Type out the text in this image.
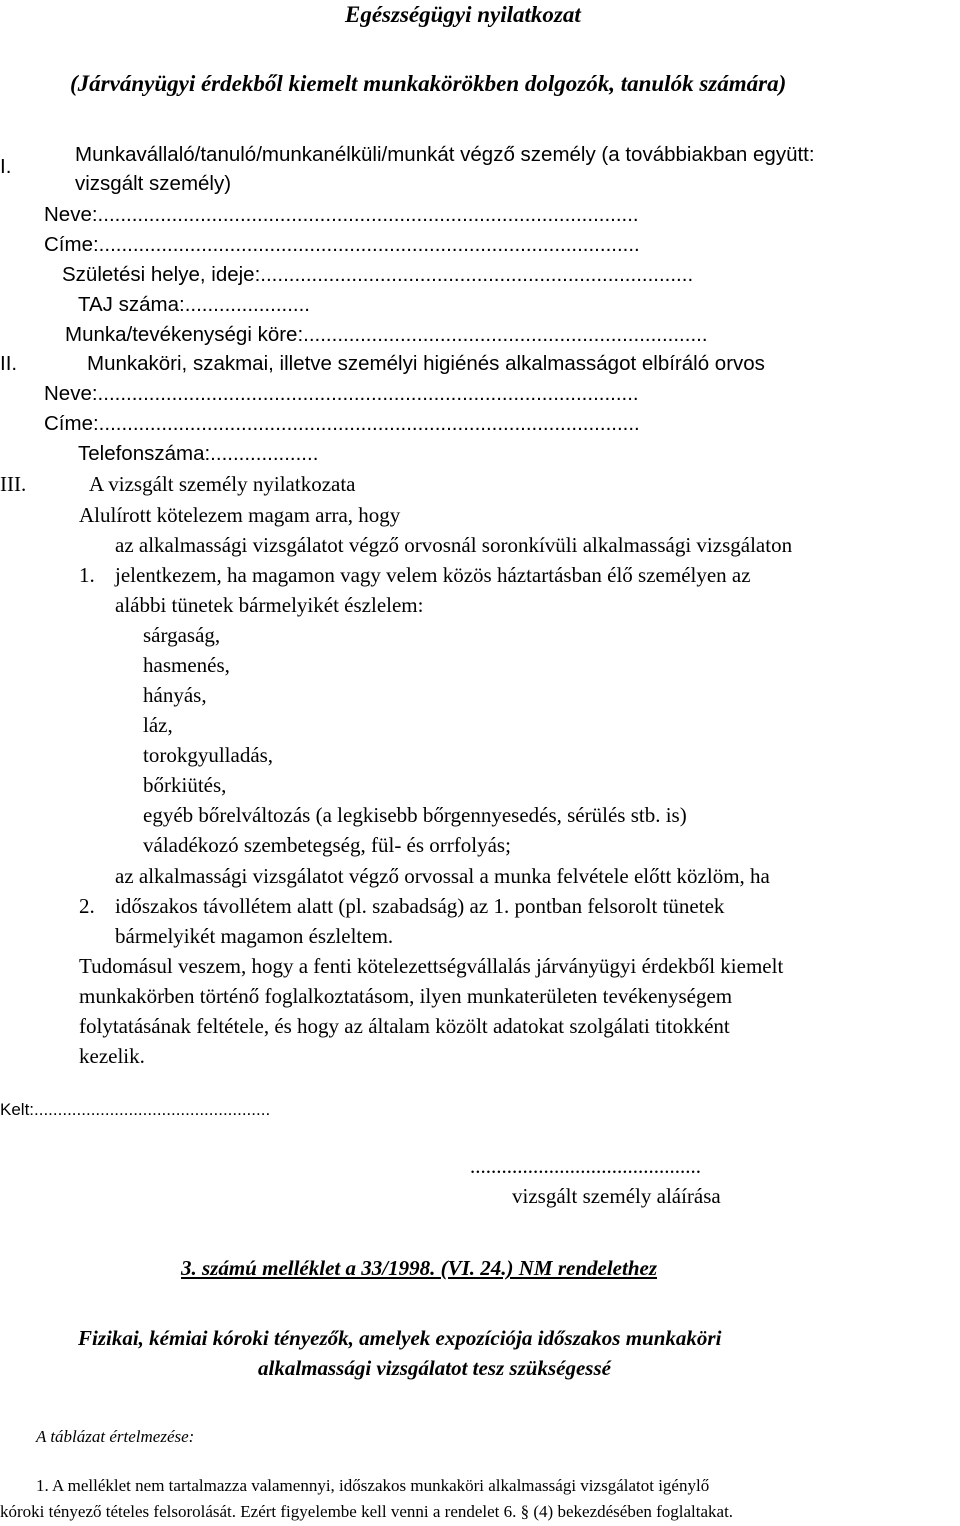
Egészségügyi nyilatkozat
(Járványügyi érdekből kiemelt munkakörökben dolgozók, tanulók számára)
I.
Munkavállaló/tanuló/munkanélküli/munkát végző személy (a továbbiakban együtt:
vizsgált személy)
Neve:...............................................................................................
Címe:...............................................................................................
Születési helye, ideje:............................................................................
TAJ száma:......................
Munka/tevékenységi köre:.......................................................................
II.	Munkaköri, szakmai, illetve személyi higiénés alkalmasságot elbíráló orvos
Neve:...............................................................................................
Címe:...............................................................................................
Telefonszáma:...................
III.	A vizsgált személy nyilatkozata
Alulírott kötelezem magam arra, hogy
az alkalmassági vizsgálatot végző orvosnál soronkívüli alkalmassági vizsgálaton
1. jelentkezem, ha magamon vagy velem közös háztartásban élő személyen az
alábbi tünetek bármelyikét észlelem:
sárgaság,
hasmenés,
hányás,
láz,
torokgyulladás,
bőrkiütés,
egyéb bőrelváltozás (a legkisebb bőrgennyesedés, sérülés stb. is)
váladékozó szembetegség, fül- és orrfolyás;
az alkalmassági vizsgálatot végző orvossal a munka felvétele előtt közlöm, ha
2. időszakos távollétem alatt (pl. szabadság) az 1. pontban felsorolt tünetek
bármelyikét magamon észleltem.
Tudomásul veszem, hogy a fenti kötelezettségvállalás járványügyi érdekből kiemelt
munkakörben történő foglalkoztatásom, ilyen munkaterületen tevékenységem
folytatásának feltétele, és hogy az általam közölt adatokat szolgálati titokként
kezelik.
Kelt:..................................................
............................................
vizsgált személy aláírása
3. számú melléklet a 33/1998. (VI. 24.) NM rendelethez
Fizikai, kémiai kóroki tényezők, amelyek expozíciója időszakos munkaköri
alkalmassági vizsgálatot tesz szükségessé
A táblázat értelmezése:
1. A melléklet nem tartalmazza valamennyi, időszakos munkaköri alkalmassági vizsgálatot igénylő
kóroki tényező tételes felsorolását. Ezért figyelembe kell venni a rendelet 6. § (4) bekezdésében foglaltakat.
